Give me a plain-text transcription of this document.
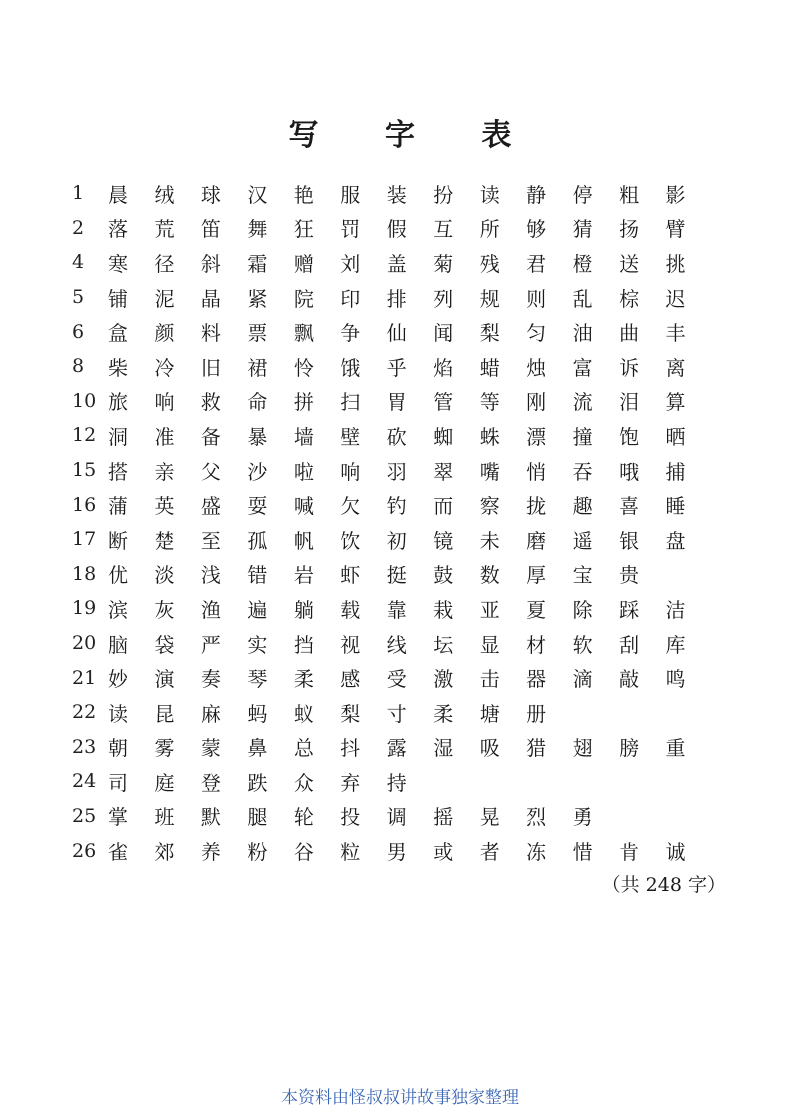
写 字 表
1	晨	绒	球	汉	艳	服	装	扮	读	静	停	粗	影
2	落	荒	笛	舞	狂	罚	假	互	所	够	猜	扬	臂
4	寒	径	斜	霜	赠	刘	盖	菊	残	君	橙	送	挑
5	铺	泥	晶	紧	院	印	排	列	规	则	乱	棕	迟
6	盒	颜	料	票	飘	争	仙	闻	梨	匀	油	曲	丰
8	柴	冷	旧	裙	怜	饿	乎	焰	蜡	烛	富	诉	离
10 旅	响	救	命	拼	扫	胃	管	等	刚	流	泪	算
12 洞	准	备	暴	墙	壁	砍	蜘	蛛	漂	撞	饱	晒
15 搭	亲	父	沙	啦	响	羽	翠	嘴	悄	吞	哦	捕
16 蒲	英	盛	耍	喊	欠	钓	而	察	拢	趣	喜	睡
17 断	楚	至	孤	帆	饮	初	镜	未	磨	遥	银	盘
18 优	淡	浅	错	岩	虾	挺	鼓	数	厚	宝	贵
19 滨	灰	渔	遍	躺	载	靠	栽	亚	夏	除	踩	洁
20 脑	袋	严	实	挡	视	线	坛	显	材	软	刮	库
21 妙	演	奏	琴	柔	感	受	激	击	器	滴	敲	鸣
22 读	昆	麻	蚂	蚁	梨	寸	柔	塘	册
23 朝	雾	蒙	鼻	总	抖	露	湿	吸	猎	翅	膀	重
24 司	庭	登	跌	众	弃	持
25 掌	班	默	腿	轮	投	调	摇	晃	烈	勇
26 雀	郊	养	粉	谷	粒	男	或	者	冻	惜	肯	诚
（共 248 字）
本资料由怪叔叔讲故事独家整理
